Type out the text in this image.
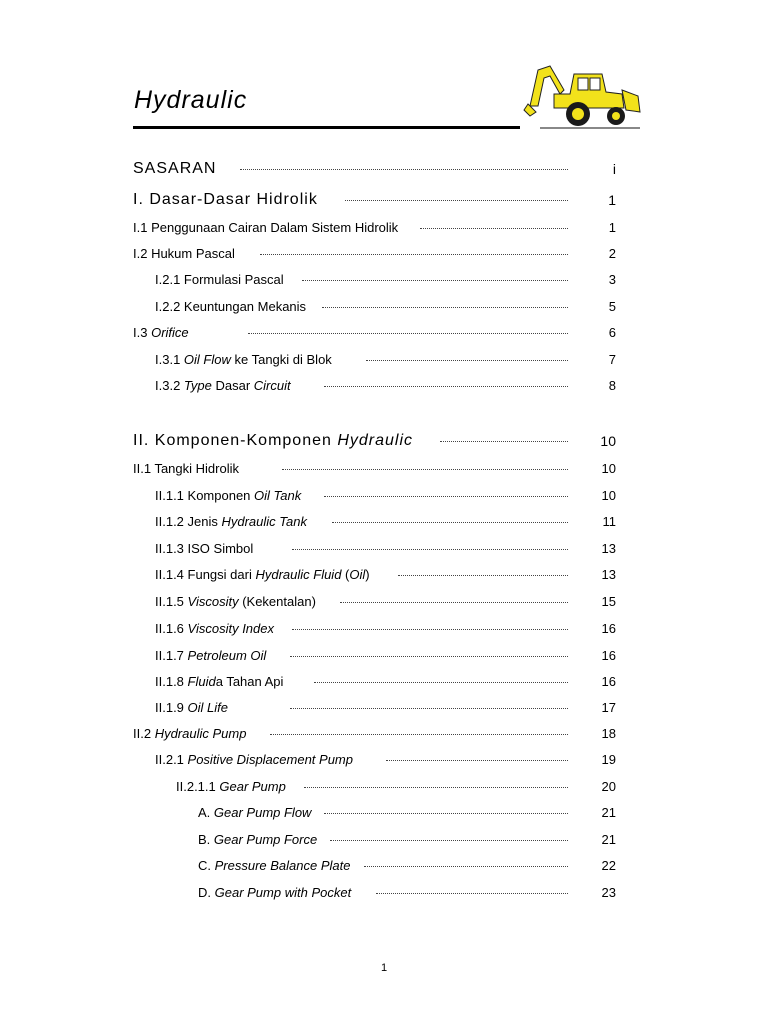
Hydraulic
SASARAN	i
I. Dasar-Dasar Hidrolik	1
I.1 Penggunaan Cairan Dalam Sistem Hidrolik	1
I.2 Hukum Pascal	2
I.2.1 Formulasi Pascal	3
I.2.2 Keuntungan Mekanis	5
I.3 Orifice	6
I.3.1 Oil Flow ke Tangki di Blok	7
I.3.2 Type Dasar Circuit	8
II. Komponen-Komponen Hydraulic	10
II.1 Tangki Hidrolik	10
II.1.1 Komponen Oil Tank	10
II.1.2 Jenis Hydraulic Tank	11
II.1.3 ISO Simbol	13
II.1.4 Fungsi dari Hydraulic Fluid (Oil)	13
II.1.5 Viscosity (Kekentalan)	15
II.1.6 Viscosity Index	16
II.1.7 Petroleum Oil	16
II.1.8 Fluida Tahan Api	16
II.1.9 Oil Life	17
II.2 Hydraulic Pump	18
II.2.1 Positive Displacement Pump	19
II.2.1.1 Gear Pump	20
A. Gear Pump Flow	21
B. Gear Pump Force	21
C. Pressure Balance Plate	22
D. Gear Pump with Pocket	23
1
